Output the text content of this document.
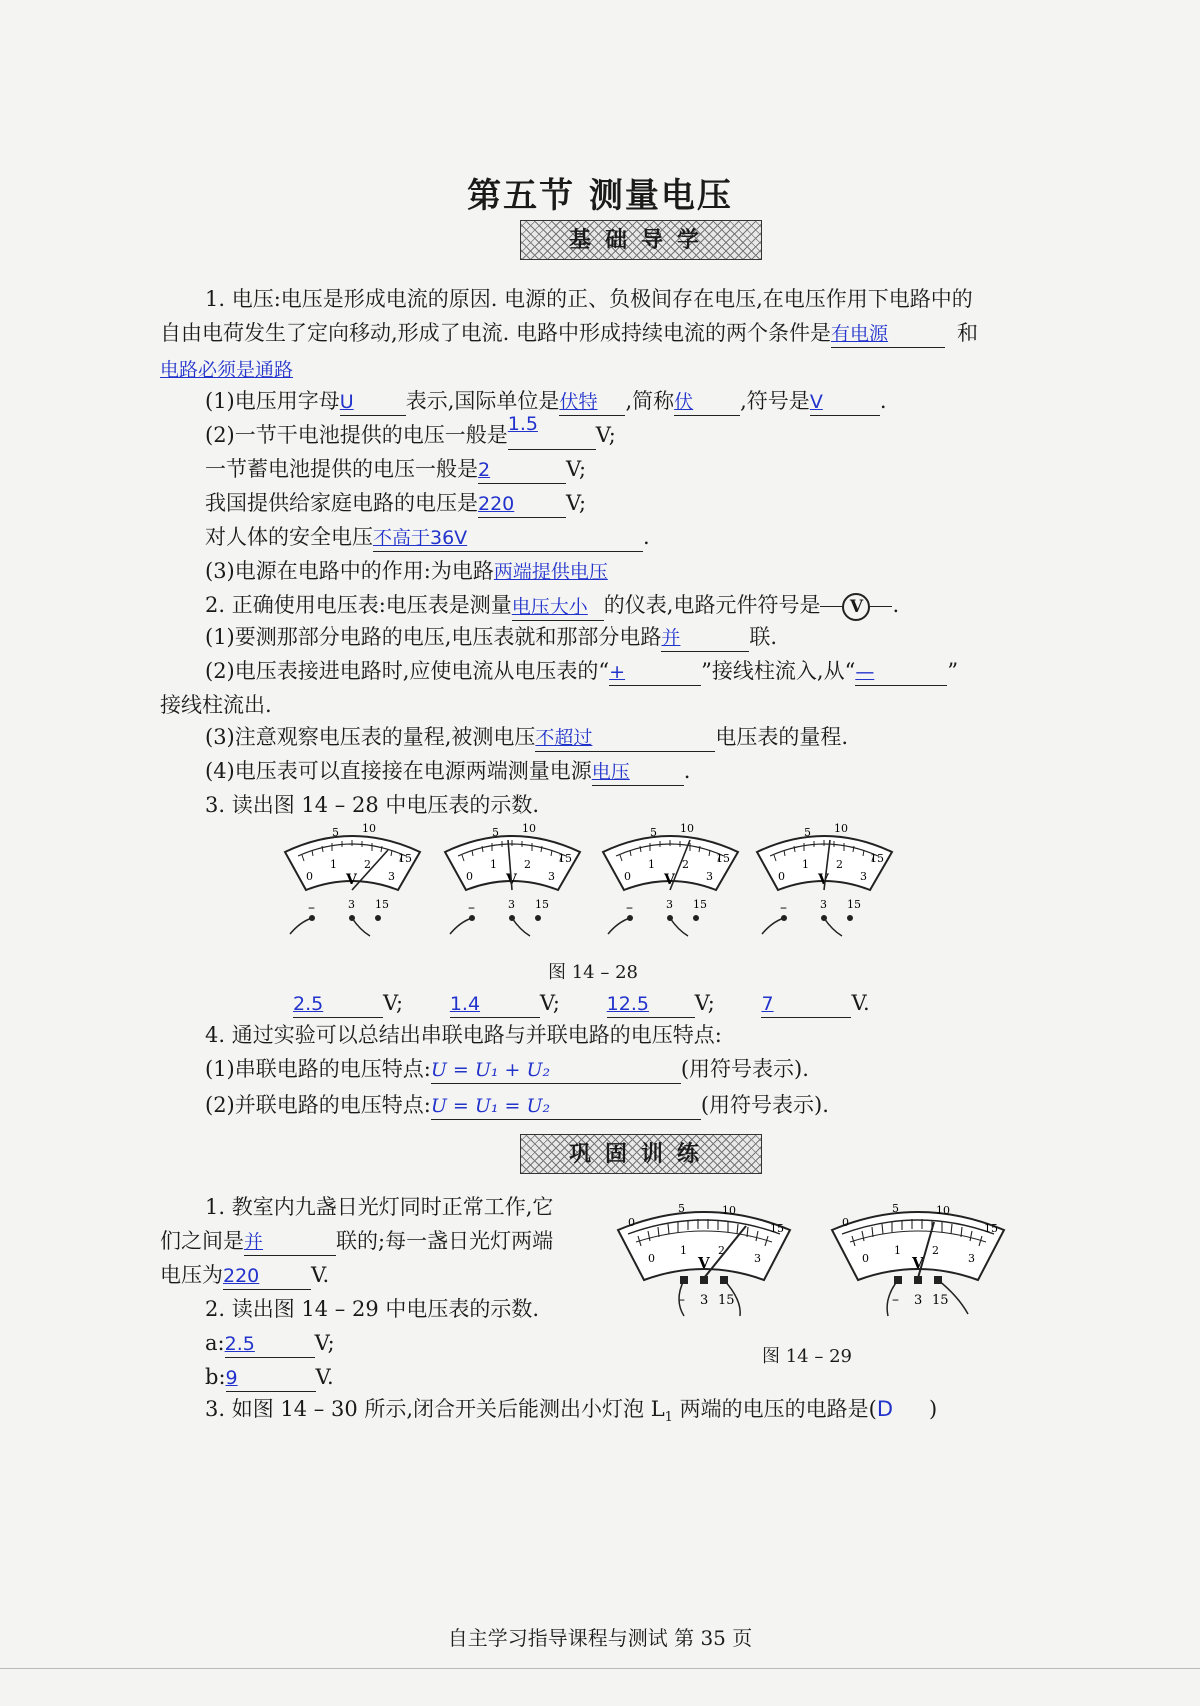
第五节 测量电压
基础导学
1. 电压:电压是形成电流的原因. 电源的正、负极间存在电压,在电压作用下电路中的
自由电荷发生了定向移动,形成了电流. 电路中形成持续电流的两个条件是 有电源	和
电路必须是通路
(1)电压用字母 U 表示,国际单位是 伏特 ,简称 伏 ,符号是 V	.
(2)一节干电池提供的电压一般是 1.5	V;
一节蓄电池提供的电压一般是 2	V;
我国提供给家庭电路的电压是 220 V;
对人体的安全电压 不高于36V	.
(3)电源在电路中的作用:为电路两端提供电压
2. 正确使用电压表:电压表是测量 电压大小 的仪表,电路元件符号是 V .
(1)要测那部分电路的电压,电压表就和那部分电路 并	联.
(2)电压表接进电路时,应使电流从电压表的“ +	”接线柱流入,从“ —	”
接线柱流出.
(3)注意观察电压表的量程,被测电压 不超过	电压表的量程.
(4)电压表可以直接接在电源两端测量电源 电压	.
3. 读出图 14 – 28 中电压表的示数.
图 14 – 28
2.5	V; 1.4	V; 12.5 V; 7	V.
4. 通过实验可以总结出串联电路与并联电路的电压特点:
(1)串联电路的电压特点: U = U₁ + U₂	(用符号表示).
(2)并联电路的电压特点: U = U₁ = U₂	(用符号表示).
巩固训练
1. 教室内九盏日光灯同时正常工作,它
们之间是 并	联的;每一盏日光灯两端
电压为 220 V.
2. 读出图 14 – 29 中电压表的示数.
a: 2.5	V;
b: 9	V.
图 14 – 29
3. 如图 14 – 30 所示,闭合开关后能测出小灯泡 $L_1$ 两端的电压的电路是(D )
自主学习指导课程与测试 第 35 页
